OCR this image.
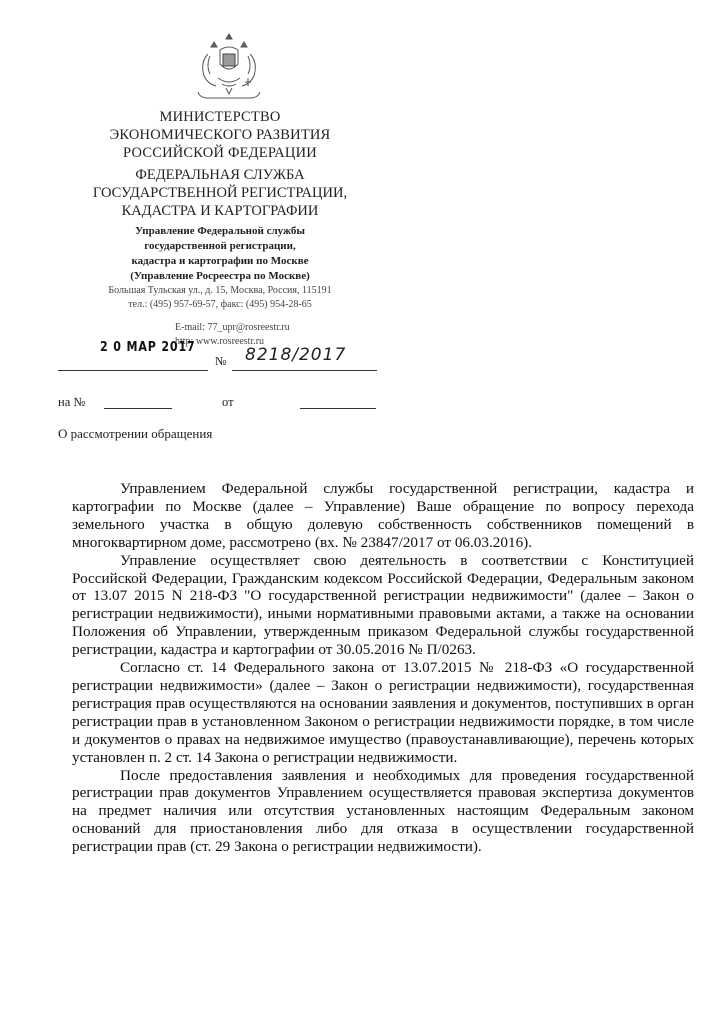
МИНИСТЕРСТВО
ЭКОНОМИЧЕСКОГО РАЗВИТИЯ
РОССИЙСКОЙ ФЕДЕРАЦИИ
ФЕДЕРАЛЬНАЯ СЛУЖБА
ГОСУДАРСТВЕННОЙ РЕГИСТРАЦИИ,
КАДАСТРА И КАРТОГРАФИИ
Управление Федеральной службы
государственной регистрации,
кадастра и картографии по Москве
(Управление Росреестра по Москве)
Большая Тульская ул., д. 15, Москва, Россия, 115191
тел.: (495) 957-69-57, факс: (495) 954-28-65
E-mail: 77_upr@rosreestr.ru
http: www.rosreestr.ru
2 0 МАР 2017
№ 8218/2017
на №	от
О рассмотрении обращения

Управлением Федеральной службы государственной регистрации, кадастра и картографии по Москве (далее – Управление) Ваше обращение по вопросу перехода земельного участка в общую долевую собственность собственников помещений в многоквартирном доме, рассмотрено (вх. № 23847/2017 от 06.03.2016).

Управление осуществляет свою деятельность в соответствии с Конституцией Российской Федерации, Гражданским кодексом Российской Федерации, Федеральным законом от 13.07 2015 N 218-ФЗ "О государственной регистрации недвижимости" (далее – Закон о регистрации недвижимости), иными нормативными правовыми актами, а также на основании Положения об Управлении, утвержденным приказом Федеральной службы государственной регистрации, кадастра и картографии от 30.05.2016 № П/0263.

Согласно ст. 14 Федерального закона от 13.07.2015 № 218-ФЗ «О государственной регистрации недвижимости» (далее – Закон о регистрации недвижимости), государственная регистрация прав осуществляются на основании заявления и документов, поступивших в орган регистрации прав в установленном Законом о регистрации недвижимости порядке, в том числе и документов о правах на недвижимое имущество (правоустанавливающие), перечень которых установлен п. 2 ст. 14 Закона о регистрации недвижимости.

После предоставления заявления и необходимых для проведения государственной регистрации прав документов Управлением осуществляется правовая экспертиза документов на предмет наличия или отсутствия установленных настоящим Федеральным законом оснований для приостановления либо для отказа в осуществлении государственной регистрации прав (ст. 29 Закона о регистрации недвижимости).
